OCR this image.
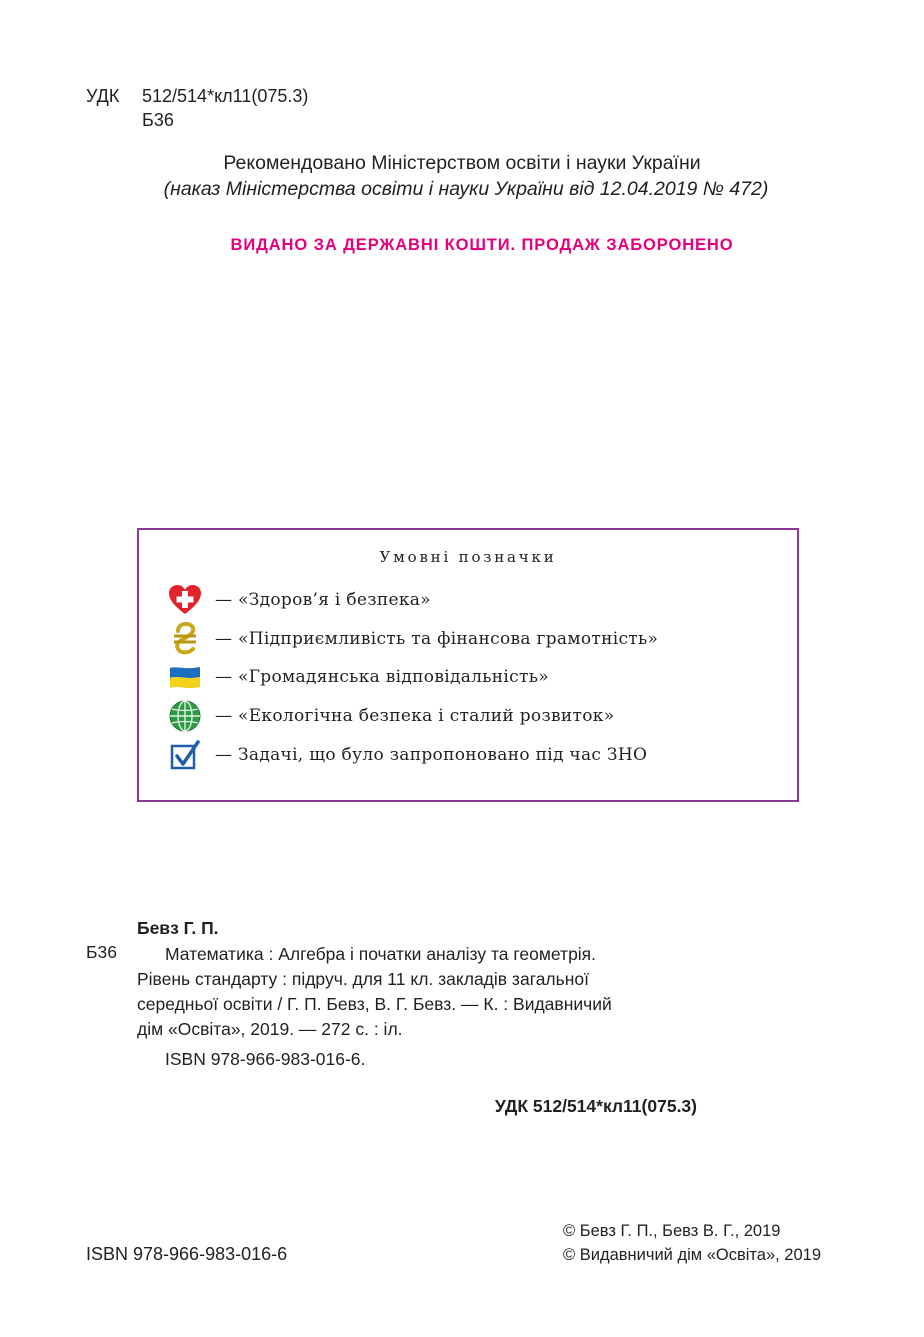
УДК 512/514*кл11(075.3)
Б36
Рекомендовано Міністерством освіти і науки України
(наказ Міністерства освіти і науки України від 12.04.2019 № 472)
ВИДАНО ЗА ДЕРЖАВНІ КОШТИ. ПРОДАЖ ЗАБОРОНЕНО
Умовні позначки
— «Здоров’я і безпека»
— «Підприємливість та фінансова грамотність»
— «Громадянська відповідальність»
— «Екологічна безпека і сталий розвиток»
— Задачі, що було запропоновано під час ЗНО
Бевз Г. П.
Б36	Математика : Алгебра і початки аналізу та геометрія.
Рівень стандарту : підруч. для 11 кл. закладів загальної
середньої освіти / Г. П. Бевз, В. Г. Бевз. — К. : Видавничий
дім «Освіта», 2019. — 272 с. : іл.
ISBN 978-966-983-016-6.
УДК 512/514*кл11(075.3)
ISBN 978-966-983-016-6
© Бевз Г. П., Бевз В. Г., 2019
© Видавничий дім «Освіта», 2019
